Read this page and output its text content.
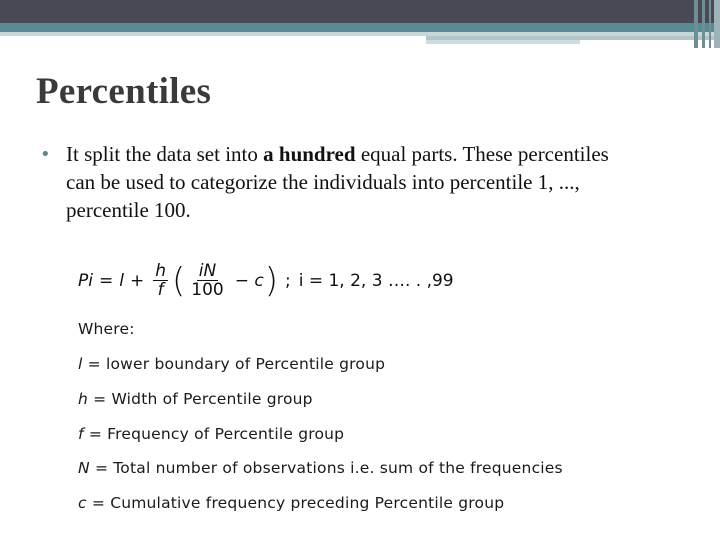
Percentiles
• It split the data set into a hundred equal parts. These percentiles can be used to categorize the individuals into percentile 1, ..., percentile 100.

$Pi = l + \frac{h}{f}$ ( $\frac{iN}{100} - c$ ) ; i = 1, 2, 3 …. . ,99
Where:
l = lower boundary of Percentile group
h = Width of Percentile group
f = Frequency of Percentile group
N = Total number of observations i.e. sum of the frequencies
c = Cumulative frequency preceding Percentile group
